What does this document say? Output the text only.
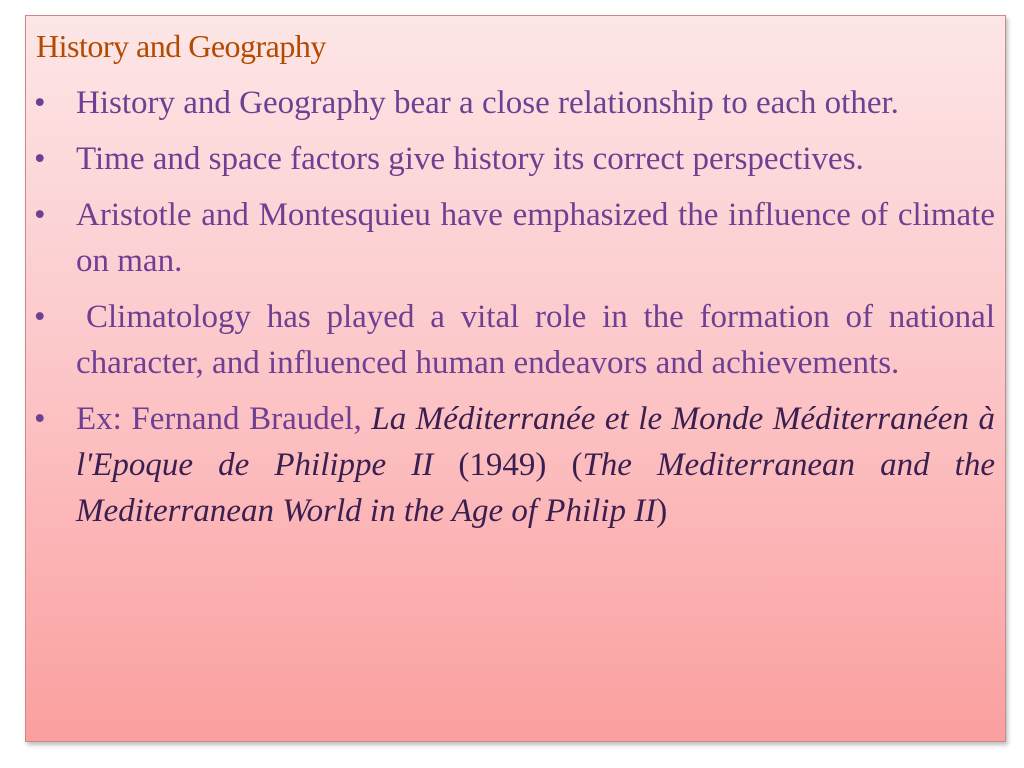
History and Geography
• History and Geography bear a close relationship to each other.
• Time and space factors give history its correct perspectives.
• Aristotle and Montesquieu have emphasized the influence of climate on man.
• Climatology has played a vital role in the formation of national character, and influenced human endeavors and achievements.
• Ex: Fernand Braudel, La Méditerranée et le Monde Méditerranéen à l'Epoque de Philippe II (1949) (The Mediterranean and the Mediterranean World in the Age of Philip II)
